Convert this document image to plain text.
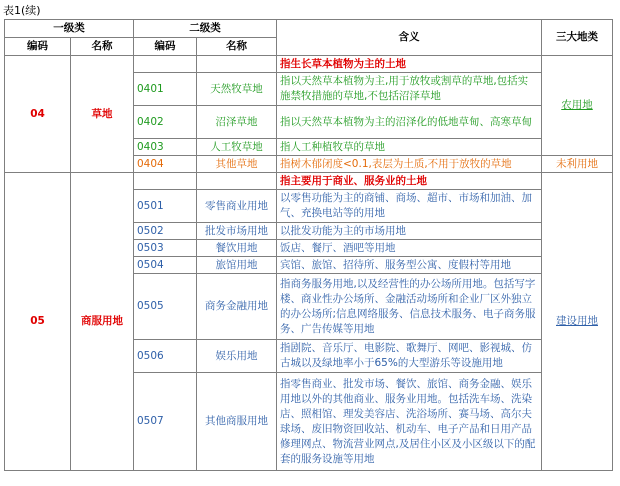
表1(续)
一级类		二级类		含义	三大地类
编码	名称	编码	名称		
04	草地			指生长草本植物为主的土地	农用地
		0401	天然牧草地	指以天然草本植物为主,用于放牧或割草的草地,包括实施禁牧措施的草地,不包括沼泽草地	
		0402	沼泽草地	指以天然草本植物为主的沼泽化的低地草甸、高寒草甸	
		0403	人工牧草地	指人工种植牧草的草地	
		0404	其他草地	指树木郁闭度<0.1,表层为土质,不用于放牧的草地	未利用地
05	商服用地			指主要用于商业、服务业的土地	建设用地
		0501	零售商业用地	以零售功能为主的商铺、商场、超市、市场和加油、加气、充换电站等的用地	
		0502	批发市场用地	以批发功能为主的市场用地	
		0503	餐饮用地	饭店、餐厅、酒吧等用地	
		0504	旅馆用地	宾馆、旅馆、招待所、服务型公寓、度假村等用地	
		0505	商务金融用地	指商务服务用地,以及经营性的办公场所用地。包括写字楼、商业性办公场所、金融活动场所和企业厂区外独立的办公场所;信息网络服务、信息技术服务、电子商务服务、广告传媒等用地	
		0506	娱乐用地	指剧院、音乐厅、电影院、歌舞厅、网吧、影视城、仿古城以及绿地率小于65%的大型游乐等设施用地	
		0507	其他商服用地	指零售商业、批发市场、餐饮、旅馆、商务金融、娱乐用地以外的其他商业、服务业用地。包括洗车场、洗染店、照相馆、理发美容店、洗浴场所、赛马场、高尔夫球场、废旧物资回收站、机动车、电子产品和日用产品修理网点、物流营业网点,及居住小区及小区级以下的配套的服务设施等用地	
